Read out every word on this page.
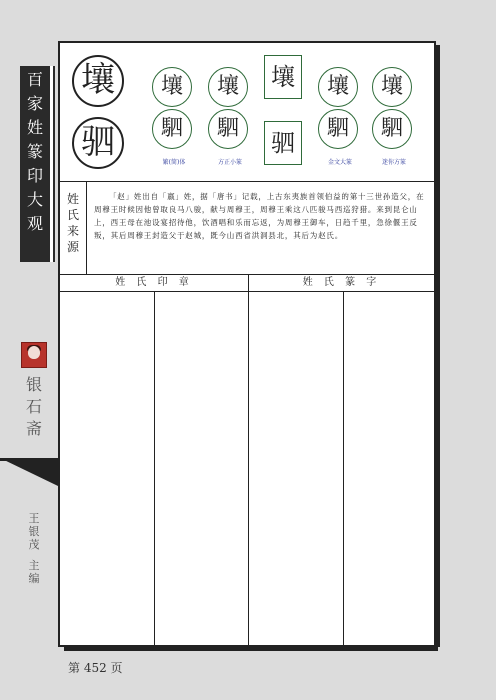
百
家
姓
篆
印
大
观
银
石
斋
王
银
茂
主
编
第 452 页
壤
驷
壤
駟
繁(简)体
壤
駟
方正小篆
壤
驷
壤
駟
金文大篆
壤
駟
迷你方篆
姓
氏
来
源
「赵」姓出自「嬴」姓，据「唐书」记载，上古东夷族首领伯益的第十三世孙造父，在周穆王时候因他曾取良马八骏，献与周穆王，周穆王乘这八匹骏马西巡狩猎。来到昆仑山上，西王母在池设宴招待他，饮酒唱和乐而忘返，为周穆王御车，日趋千里，急徐偃王反叛，其后周穆王封造父于赵城，既今山西省洪洞县北，其后为赵氏。
姓 氏 印 章	姓 氏 篆 字
